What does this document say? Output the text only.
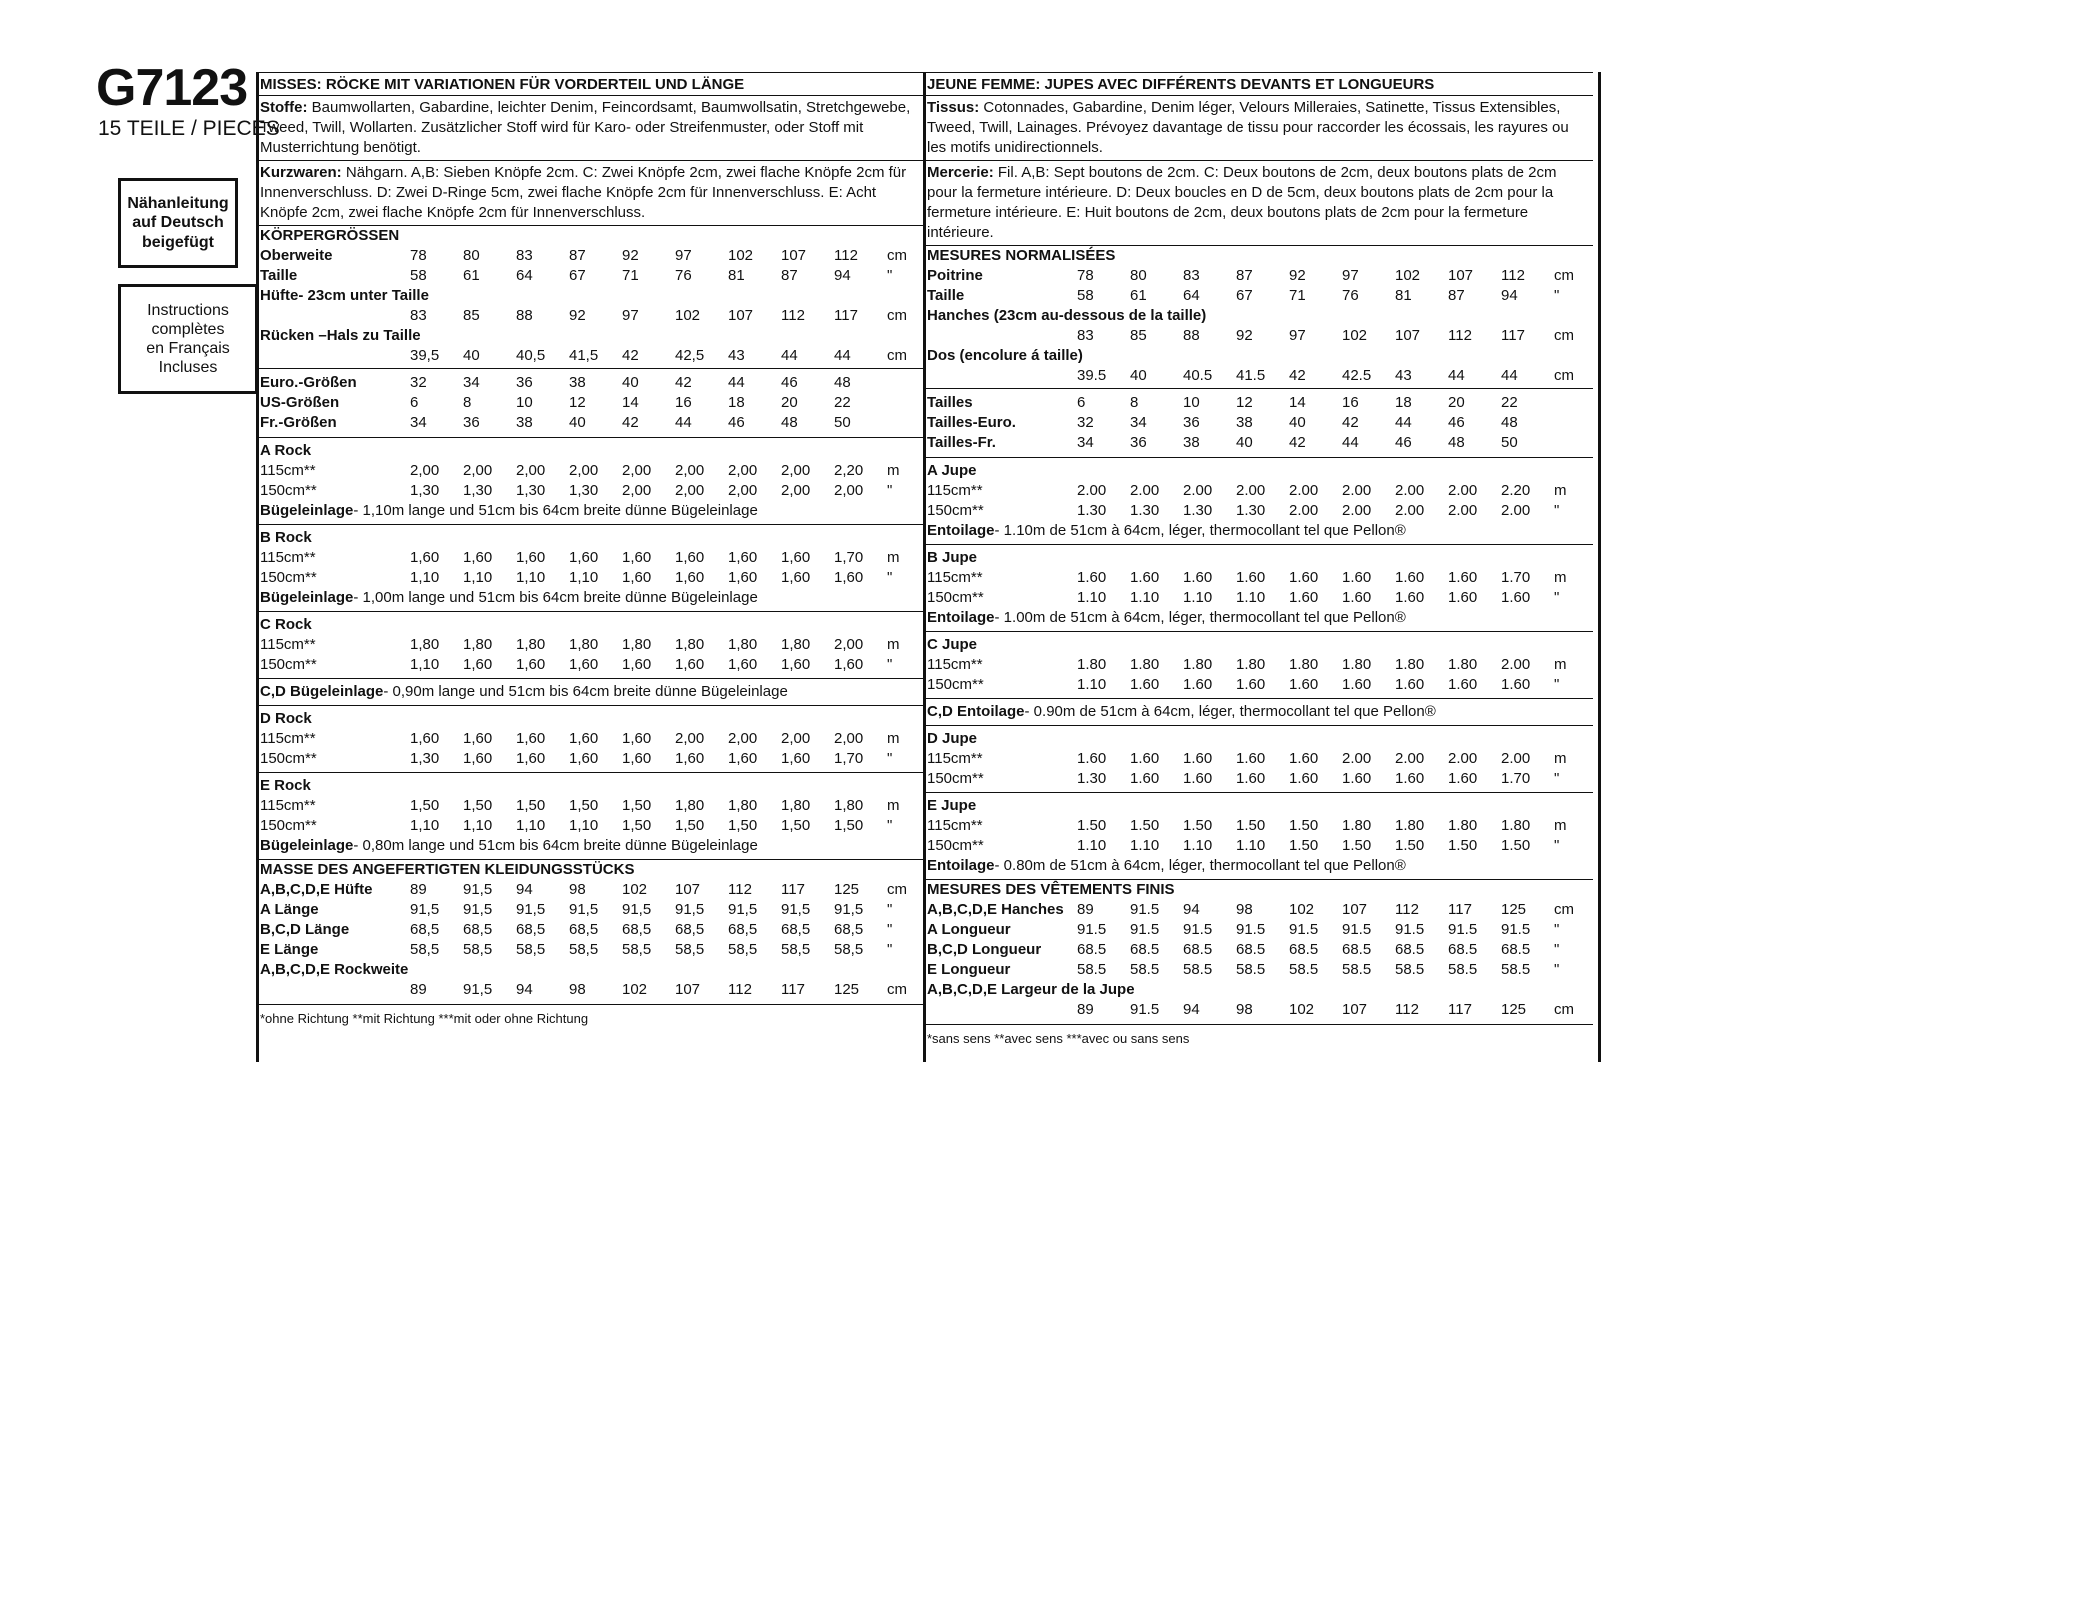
G7123
15 TEILE / PIECES
Nähanleitung
auf Deutsch
beigefügt
Instructions
complètes
en Français
Incluses
MISSES: RÖCKE MIT VARIATIONEN FÜR VORDERTEIL UND LÄNGE
Stoffe: Baumwollarten, Gabardine, leichter Denim, Feincordsamt, Baumwollsatin, Stretchgewebe, Tweed, Twill, Wollarten. Zusätzlicher Stoff wird für Karo- oder Streifenmuster, oder Stoff mit Musterrichtung benötigt.
Kurzwaren: Nähgarn. A,B: Sieben Knöpfe 2cm. C: Zwei Knöpfe 2cm, zwei flache Knöpfe 2cm für Innenverschluss. D: Zwei D-Ringe 5cm, zwei flache Knöpfe 2cm für Innenverschluss. E: Acht Knöpfe 2cm, zwei flache Knöpfe 2cm für Innenverschluss.
KÖRPERGRÖSSEN
Oberweite	78	80	83	87	92	97	102	107	112	cm
Taille	58	61	64	67	71	76	81	87	94	"
Hüfte- 23cm unter Taille
83	85	88	92	97	102	107	112	117	cm
Rücken –Hals zu Taille
39,5	40	40,5	41,5	42	42,5	43	44	44	cm
Euro.-Größen	32	34	36	38	40	42	44	46	48
US-Größen	6	8	10	12	14	16	18	20	22
Fr.-Größen	34	36	38	40	42	44	46	48	50
A Rock
115cm**	2,00	2,00	2,00	2,00	2,00	2,00	2,00	2,00	2,20	m
150cm**	1,30	1,30	1,30	1,30	2,00	2,00	2,00	2,00	2,00	"
Bügeleinlage - 1,10m lange und 51cm bis 64cm breite dünne Bügeleinlage
B Rock
115cm**	1,60	1,60	1,60	1,60	1,60	1,60	1,60	1,60	1,70	m
150cm**	1,10	1,10	1,10	1,10	1,60	1,60	1,60	1,60	1,60	"
Bügeleinlage - 1,00m lange und 51cm bis 64cm breite dünne Bügeleinlage
C Rock
115cm**	1,80	1,80	1,80	1,80	1,80	1,80	1,80	1,80	2,00	m
150cm**	1,10	1,60	1,60	1,60	1,60	1,60	1,60	1,60	1,60	"
C,D Bügeleinlage - 0,90m lange und 51cm bis 64cm breite dünne Bügeleinlage
D Rock
115cm**	1,60	1,60	1,60	1,60	1,60	2,00	2,00	2,00	2,00	m
150cm**	1,30	1,60	1,60	1,60	1,60	1,60	1,60	1,60	1,70	"
E Rock
115cm**	1,50	1,50	1,50	1,50	1,50	1,80	1,80	1,80	1,80	m
150cm**	1,10	1,10	1,10	1,10	1,50	1,50	1,50	1,50	1,50	"
Bügeleinlage - 0,80m lange und 51cm bis 64cm breite dünne Bügeleinlage
MASSE DES ANGEFERTIGTEN KLEIDUNGSSTÜCKS
A,B,C,D,E Hüfte	89	91,5	94	98	102	107	112	117	125	cm
A Länge	91,5	91,5	91,5	91,5	91,5	91,5	91,5	91,5	91,5	"
B,C,D Länge	68,5	68,5	68,5	68,5	68,5	68,5	68,5	68,5	68,5	"
E Länge	58,5	58,5	58,5	58,5	58,5	58,5	58,5	58,5	58,5	"
A,B,C,D,E Rockweite
89	91,5	94	98	102	107	112	117	125	cm
*ohne Richtung **mit Richtung ***mit oder ohne Richtung
JEUNE FEMME: JUPES AVEC DIFFÉRENTS DEVANTS ET LONGUEURS
Tissus: Cotonnades, Gabardine, Denim léger, Velours Milleraies, Satinette, Tissus Extensibles, Tweed, Twill, Lainages. Prévoyez davantage de tissu pour raccorder les écossais, les rayures ou les motifs unidirectionnels.
Mercerie: Fil. A,B: Sept boutons de 2cm. C: Deux boutons de 2cm, deux boutons plats de 2cm pour la fermeture intérieure. D: Deux boucles en D de 5cm, deux boutons plats de 2cm pour la fermeture intérieure. E: Huit boutons de 2cm, deux boutons plats de 2cm pour la fermeture intérieure.
MESURES NORMALISÉES
Poitrine	78	80	83	87	92	97	102	107	112	cm
Taille	58	61	64	67	71	76	81	87	94	"
Hanches (23cm au-dessous de la taille)
83	85	88	92	97	102	107	112	117	cm
Dos (encolure á taille)
39.5	40	40.5	41.5	42	42.5	43	44	44	cm
Tailles	6	8	10	12	14	16	18	20	22
Tailles-Euro.	32	34	36	38	40	42	44	46	48
Tailles-Fr.	34	36	38	40	42	44	46	48	50
A Jupe
115cm**	2.00	2.00	2.00	2.00	2.00	2.00	2.00	2.00	2.20	m
150cm**	1.30	1.30	1.30	1.30	2.00	2.00	2.00	2.00	2.00	"
Entoilage - 1.10m de 51cm à 64cm, léger, thermocollant tel que Pellon®
B Jupe
115cm**	1.60	1.60	1.60	1.60	1.60	1.60	1.60	1.60	1.70	m
150cm**	1.10	1.10	1.10	1.10	1.60	1.60	1.60	1.60	1.60	"
Entoilage - 1.00m de 51cm à 64cm, léger, thermocollant tel que Pellon®
C Jupe
115cm**	1.80	1.80	1.80	1.80	1.80	1.80	1.80	1.80	2.00	m
150cm**	1.10	1.60	1.60	1.60	1.60	1.60	1.60	1.60	1.60	"
C,D Entoilage - 0.90m de 51cm à 64cm, léger, thermocollant tel que Pellon®
D Jupe
115cm**	1.60	1.60	1.60	1.60	1.60	2.00	2.00	2.00	2.00	m
150cm**	1.30	1.60	1.60	1.60	1.60	1.60	1.60	1.60	1.70	"
E Jupe
115cm**	1.50	1.50	1.50	1.50	1.50	1.80	1.80	1.80	1.80	m
150cm**	1.10	1.10	1.10	1.10	1.50	1.50	1.50	1.50	1.50	"
Entoilage - 0.80m de 51cm à 64cm, léger, thermocollant tel que Pellon®
MESURES DES VÊTEMENTS FINIS
A,B,C,D,E Hanches 89	91.5	94	98	102	107	112	117	125	cm
A Longueur	91.5	91.5	91.5	91.5	91.5	91.5	91.5	91.5	91.5	"
B,C,D Longueur	68.5	68.5	68.5	68.5	68.5	68.5	68.5	68.5	68.5	"
E Longueur	58.5	58.5	58.5	58.5	58.5	58.5	58.5	58.5	58.5	"
A,B,C,D,E Largeur de la Jupe
89	91.5	94	98	102	107	112	117	125	cm
*sans sens **avec sens ***avec ou sans sens
